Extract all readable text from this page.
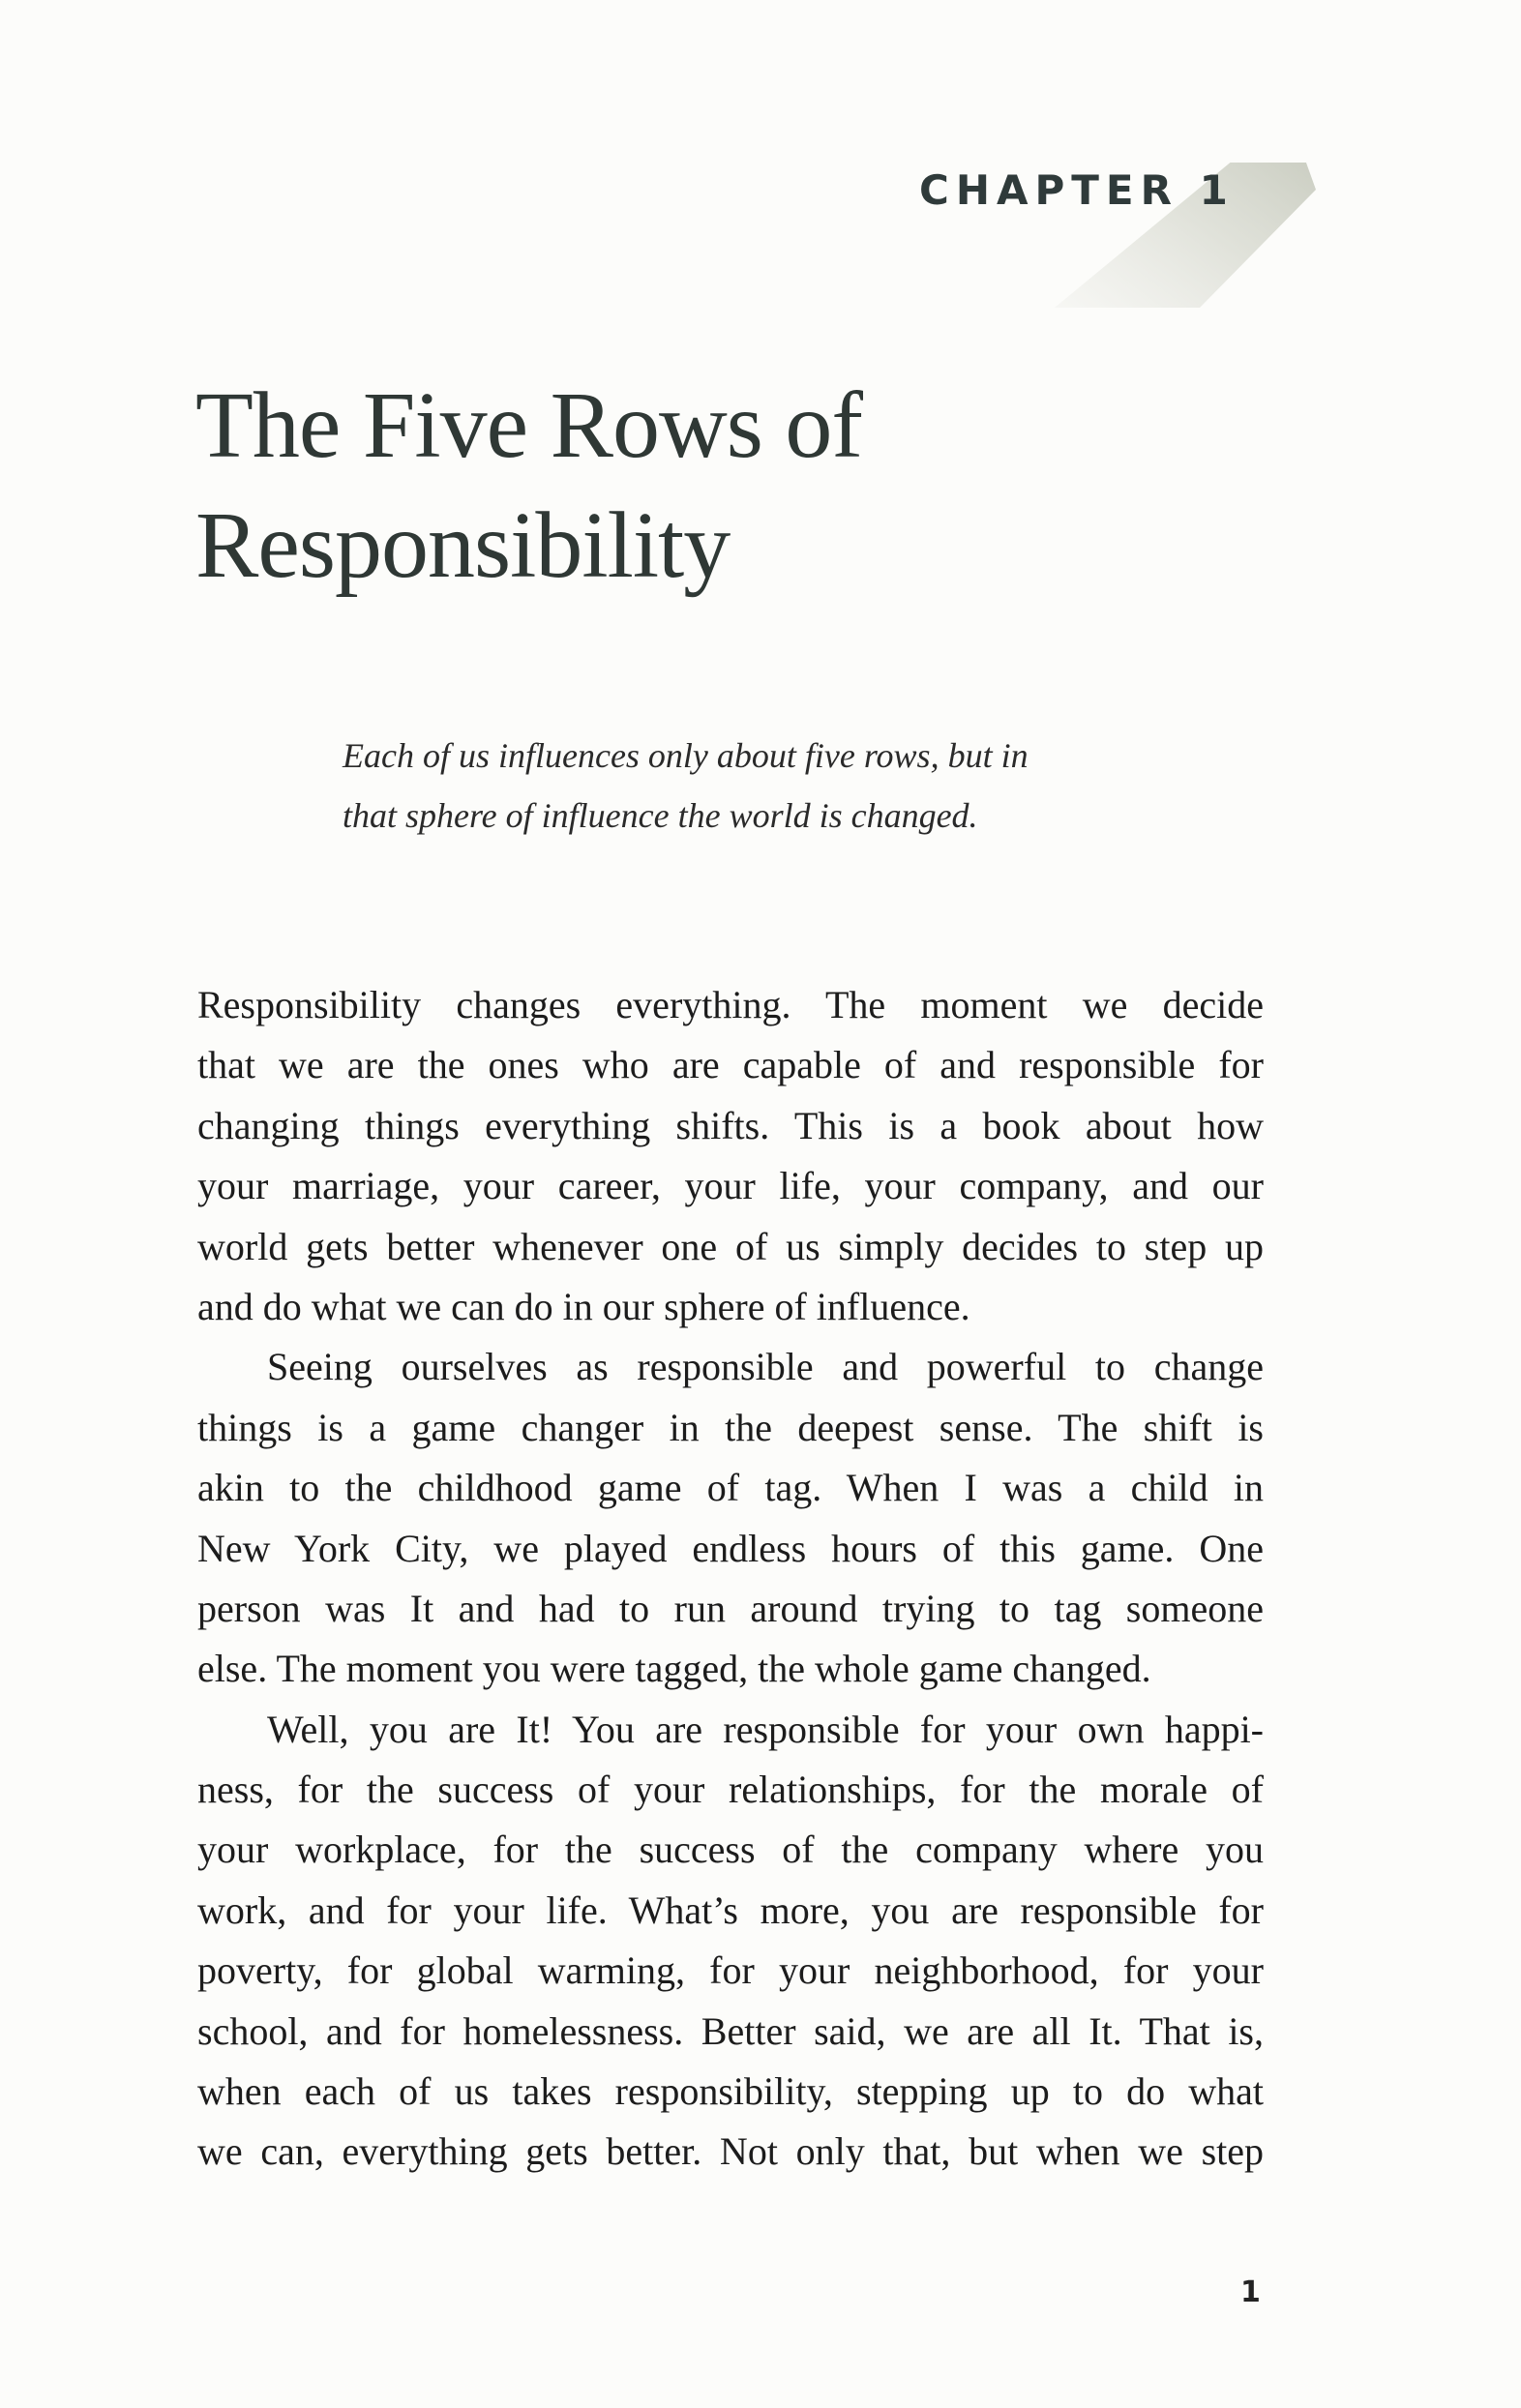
CHAPTER 1
The Five Rows of
Responsibility
Each of us influences only about five rows, but in
that sphere of influence the world is changed.
Responsibility changes everything. The moment we decide
that we are the ones who are capable of and responsible for
changing things everything shifts. This is a book about how
your marriage, your career, your life, your company, and our
world gets better whenever one of us simply decides to step up
and do what we can do in our sphere of influence.
Seeing ourselves as responsible and powerful to change
things is a game changer in the deepest sense. The shift is
akin to the childhood game of tag. When I was a child in
New York City, we played endless hours of this game. One
person was It and had to run around trying to tag someone
else. The moment you were tagged, the whole game changed.
Well, you are It! You are responsible for your own happi-
ness, for the success of your relationships, for the morale of
your workplace, for the success of the company where you
work, and for your life. What’s more, you are responsible for
poverty, for global warming, for your neighborhood, for your
school, and for homelessness. Better said, we are all It. That is,
when each of us takes responsibility, stepping up to do what
we can, everything gets better. Not only that, but when we step
1
